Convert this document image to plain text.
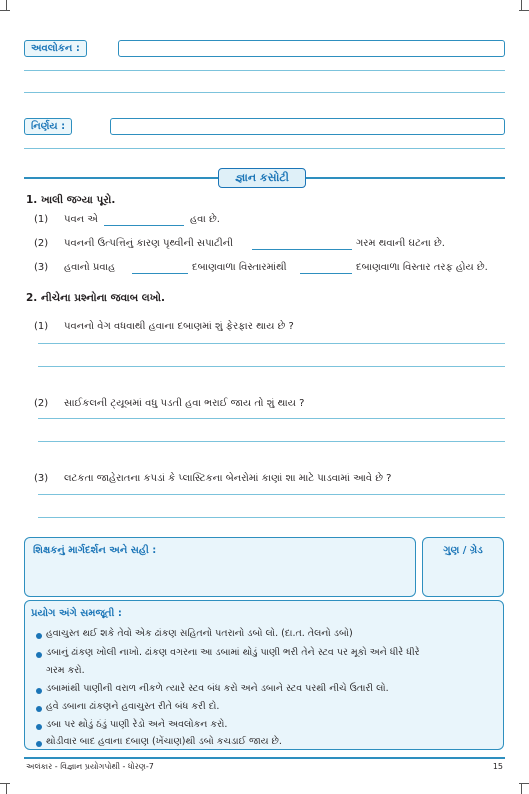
અવલોકન :
નિર્ણય :
જ્ઞાન કસોટી
1. ખાલી જગ્યા પૂરો.
(1) પવન એ	હવા છે.
(2) પવનની ઉત્પત્તિનું કારણ પૃથ્વીની સપાટીની	ગરમ થવાની ઘટના છે.
(3) હવાનો પ્રવાહ	દબાણવાળા વિસ્તારમાંથી	દબાણવાળા વિસ્તાર તરફ હોય છે.
2. નીચેના પ્રશ્નોના જવાબ લખો.
(1) પવનનો વેગ વધવાથી હવાના દબાણમાં શું ફેરફાર થાય છે ?
(2) સાઈકલની ટ્યૂબમાં વધુ પડતી હવા ભરાઈ જાય તો શું થાય ?
(3) લટકતા જાહેરાતના કપડાં કે પ્લાસ્ટિકના બેનરોમાં કાણાં શા માટે પાડવામાં આવે છે ?
શિક્ષકનું માર્ગદર્શન અને સહી :	ગુણ / ગ્રેડ
પ્રયોગ અંગે સમજૂતી :
હવાચુસ્ત થઈ શકે તેવો એક ઢાંકણ સહિતનો પતરાનો ડબો લો. (દા.ત. તેલનો ડબો)
ડબાનું ઢાંકણ ખોલી નાખો. ઢાંકણ વગરના આ ડબામાં થોડું પાણી ભરી તેને સ્ટવ પર મૂકો અને ધીરે ધીરે
ગરમ કરો.
ડબામાંથી પાણીની વરાળ નીકળે ત્યારે સ્ટવ બંધ કરો અને ડબાને સ્ટવ પરથી નીચે ઉતારી લો.
હવે ડબાના ઢાંકણને હવાચુસ્ત રીતે બંધ કરી દો.
ડબા પર થોડું ઠંડું પાણી રેડો અને અવલોકન કરો.
થોડીવાર બાદ હવાના દબાણ (ખેંચાણ)થી ડબો કચડાઈ જાય છે.
અલંકાર - વિજ્ઞાન પ્રયોગપોથી - ધોરણ-7	15
